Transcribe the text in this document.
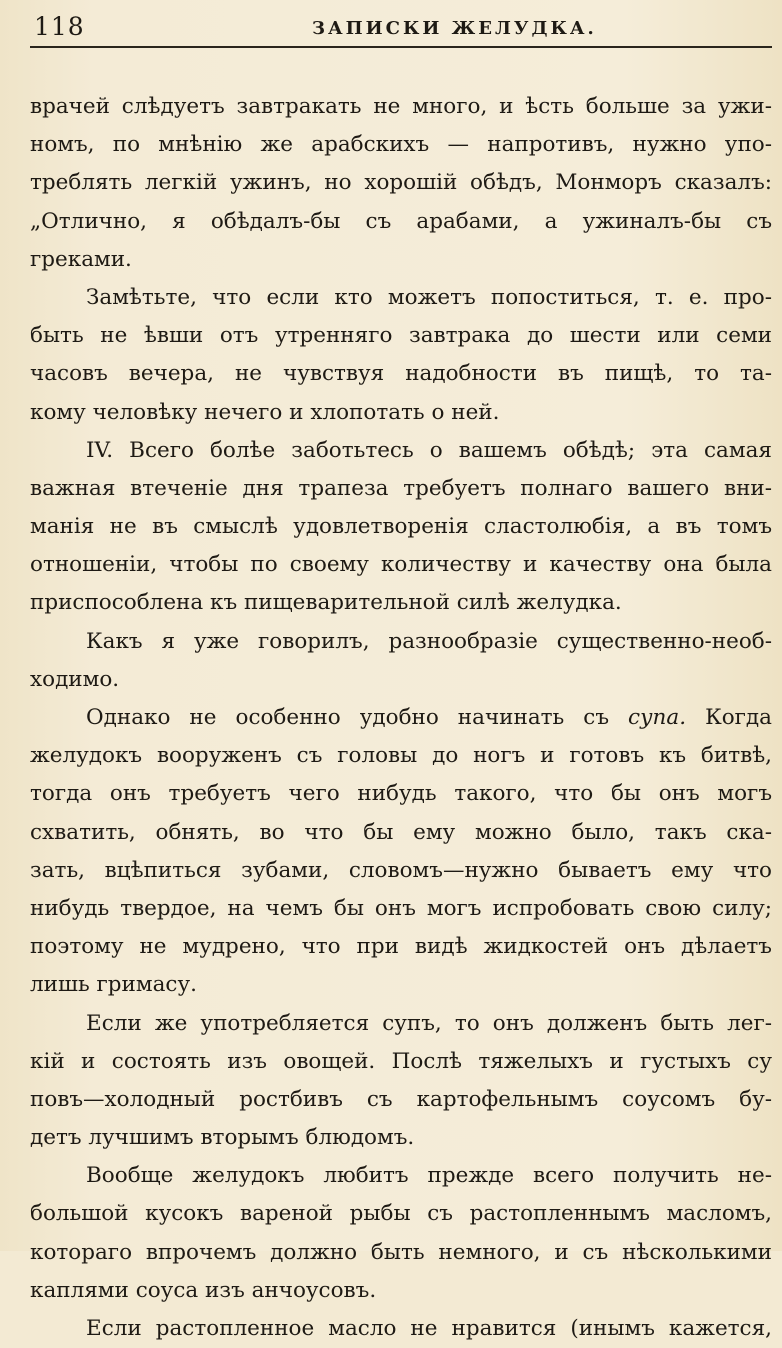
118	ЗАПИСКИ ЖЕЛУДКА.
врачей слѣдуетъ завтракать не много, и ѣсть больше за ужи-
номъ, по мнѣнію же арабскихъ — напротивъ, нужно упо-
треблять легкій ужинъ, но хорошій обѣдъ, Монморъ сказалъ:
„Отлично, я обѣдалъ-бы съ арабами, а ужиналъ-бы съ
греками.
Замѣтьте, что если кто можетъ попоститься, т. е. про-
быть не ѣвши отъ утренняго завтрака до шести или семи
часовъ вечера, не чувствуя надобности въ пищѣ, то та-
кому человѣку нечего и хлопотать о ней.
IV. Всего болѣе заботьтесь о вашемъ обѣдѣ; эта самая
важная втеченіе дня трапеза требуетъ полнаго вашего вни-
манія не въ смыслѣ удовлетворенія сластолюбія, а въ томъ
отношеніи, чтобы по своему количеству и качеству она была
приспособлена къ пищеварительной силѣ желудка.
Какъ я уже говорилъ, разнообразіе существенно-необ-
ходимо.
Однако не особенно удобно начинать съ супа. Когда
желудокъ вооруженъ съ головы до ногъ и готовъ къ битвѣ,
тогда онъ требуетъ чего нибудь такого, что бы онъ могъ
схватить, обнять, во что бы ему можно было, такъ ска-
зать, вцѣпиться зубами, словомъ—нужно бываетъ ему что
нибудь твердое, на чемъ бы онъ могъ испробовать свою силу;
поэтому не мудрено, что при видѣ жидкостей онъ дѣлаетъ
лишь гримасу.
Если же употребляется супъ, то онъ долженъ быть лег-
кій и состоять изъ овощей. Послѣ тяжелыхъ и густыхъ су
повъ—холодный ростбивъ съ картофельнымъ соусомъ бу-
детъ лучшимъ вторымъ блюдомъ.
Вообще желудокъ любитъ прежде всего получить не-
большой кусокъ вареной рыбы съ растопленнымъ масломъ,
котораго впрочемъ должно быть немного, и съ нѣсколькими
каплями соуса изъ анчоусовъ.
Если растопленное масло не нравится (инымъ кажется,
